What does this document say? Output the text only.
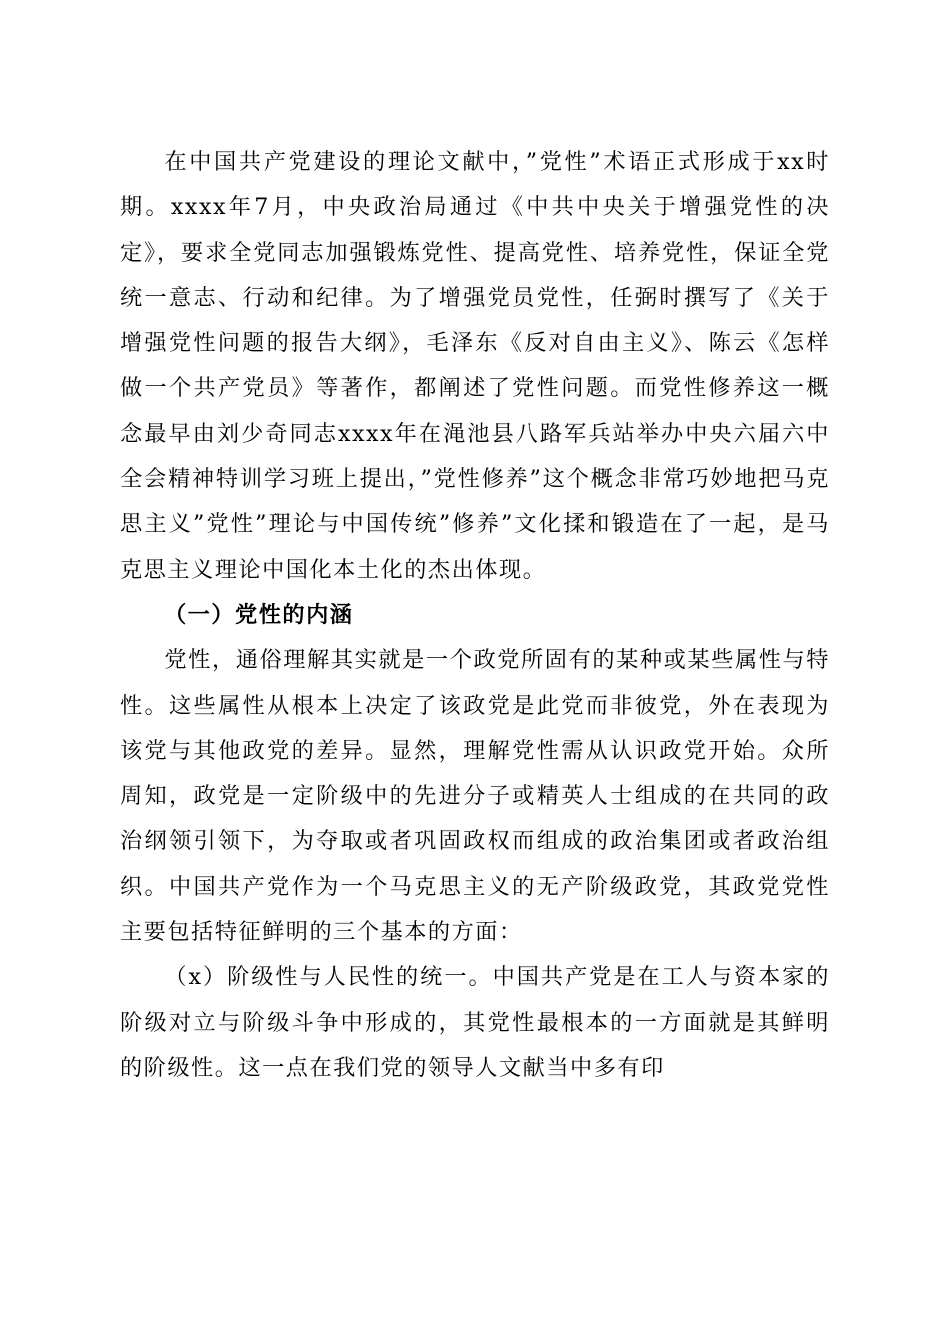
在中国共产党建设的理论文献中，”党性”术语正式形成于xx时期。xxxx年7月，中央政治局通过《中共中央关于增强党性的决定》，要求全党同志加强锻炼党性、提高党性、培养党性，保证全党统一意志、行动和纪律。为了增强党员党性，任弼时撰写了《关于增强党性问题的报告大纲》，毛泽东《反对自由主义》、陈云《怎样做一个共产党员》等著作，都阐述了党性问题。而党性修养这一概念最早由刘少奇同志xxxx年在渑池县八路军兵站举办中央六届六中全会精神特训学习班上提出，”党性修养”这个概念非常巧妙地把马克思主义”党性”理论与中国传统”修养”文化揉和锻造在了一起，是马克思主义理论中国化本土化的杰出体现。

（一）党性的内涵

党性，通俗理解其实就是一个政党所固有的某种或某些属性与特性。这些属性从根本上决定了该政党是此党而非彼党，外在表现为该党与其他政党的差异。显然，理解党性需从认识政党开始。众所周知，政党是一定阶级中的先进分子或精英人士组成的在共同的政治纲领引领下，为夺取或者巩固政权而组成的政治集团或者政治组织。中国共产党作为一个马克思主义的无产阶级政党，其政党党性主要包括特征鲜明的三个基本的方面：

（x）阶级性与人民性的统一。中国共产党是在工人与资本家的阶级对立与阶级斗争中形成的，其党性最根本的一方面就是其鲜明的阶级性。这一点在我们党的领导人文献当中多有印
